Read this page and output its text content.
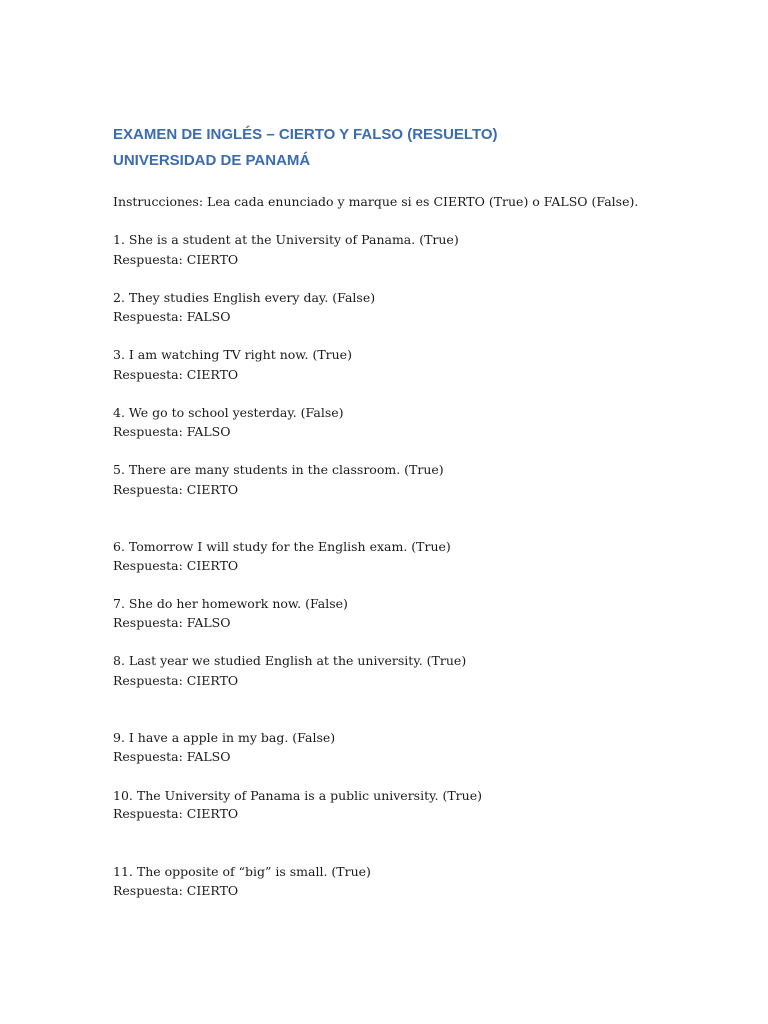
EXAMEN DE INGLÉS – CIERTO Y FALSO (RESUELTO)
UNIVERSIDAD DE PANAMÁ
Instrucciones: Lea cada enunciado y marque si es CIERTO (True) o FALSO (False).
1. She is a student at the University of Panama. (True)
Respuesta: CIERTO
2. They studies English every day. (False)
Respuesta: FALSO
3. I am watching TV right now. (True)
Respuesta: CIERTO
4. We go to school yesterday. (False)
Respuesta: FALSO
5. There are many students in the classroom. (True)
Respuesta: CIERTO
6. Tomorrow I will study for the English exam. (True)
Respuesta: CIERTO
7. She do her homework now. (False)
Respuesta: FALSO
8. Last year we studied English at the university. (True)
Respuesta: CIERTO
9. I have a apple in my bag. (False)
Respuesta: FALSO
10. The University of Panama is a public university. (True)
Respuesta: CIERTO
11. The opposite of “big” is small. (True)
Respuesta: CIERTO
